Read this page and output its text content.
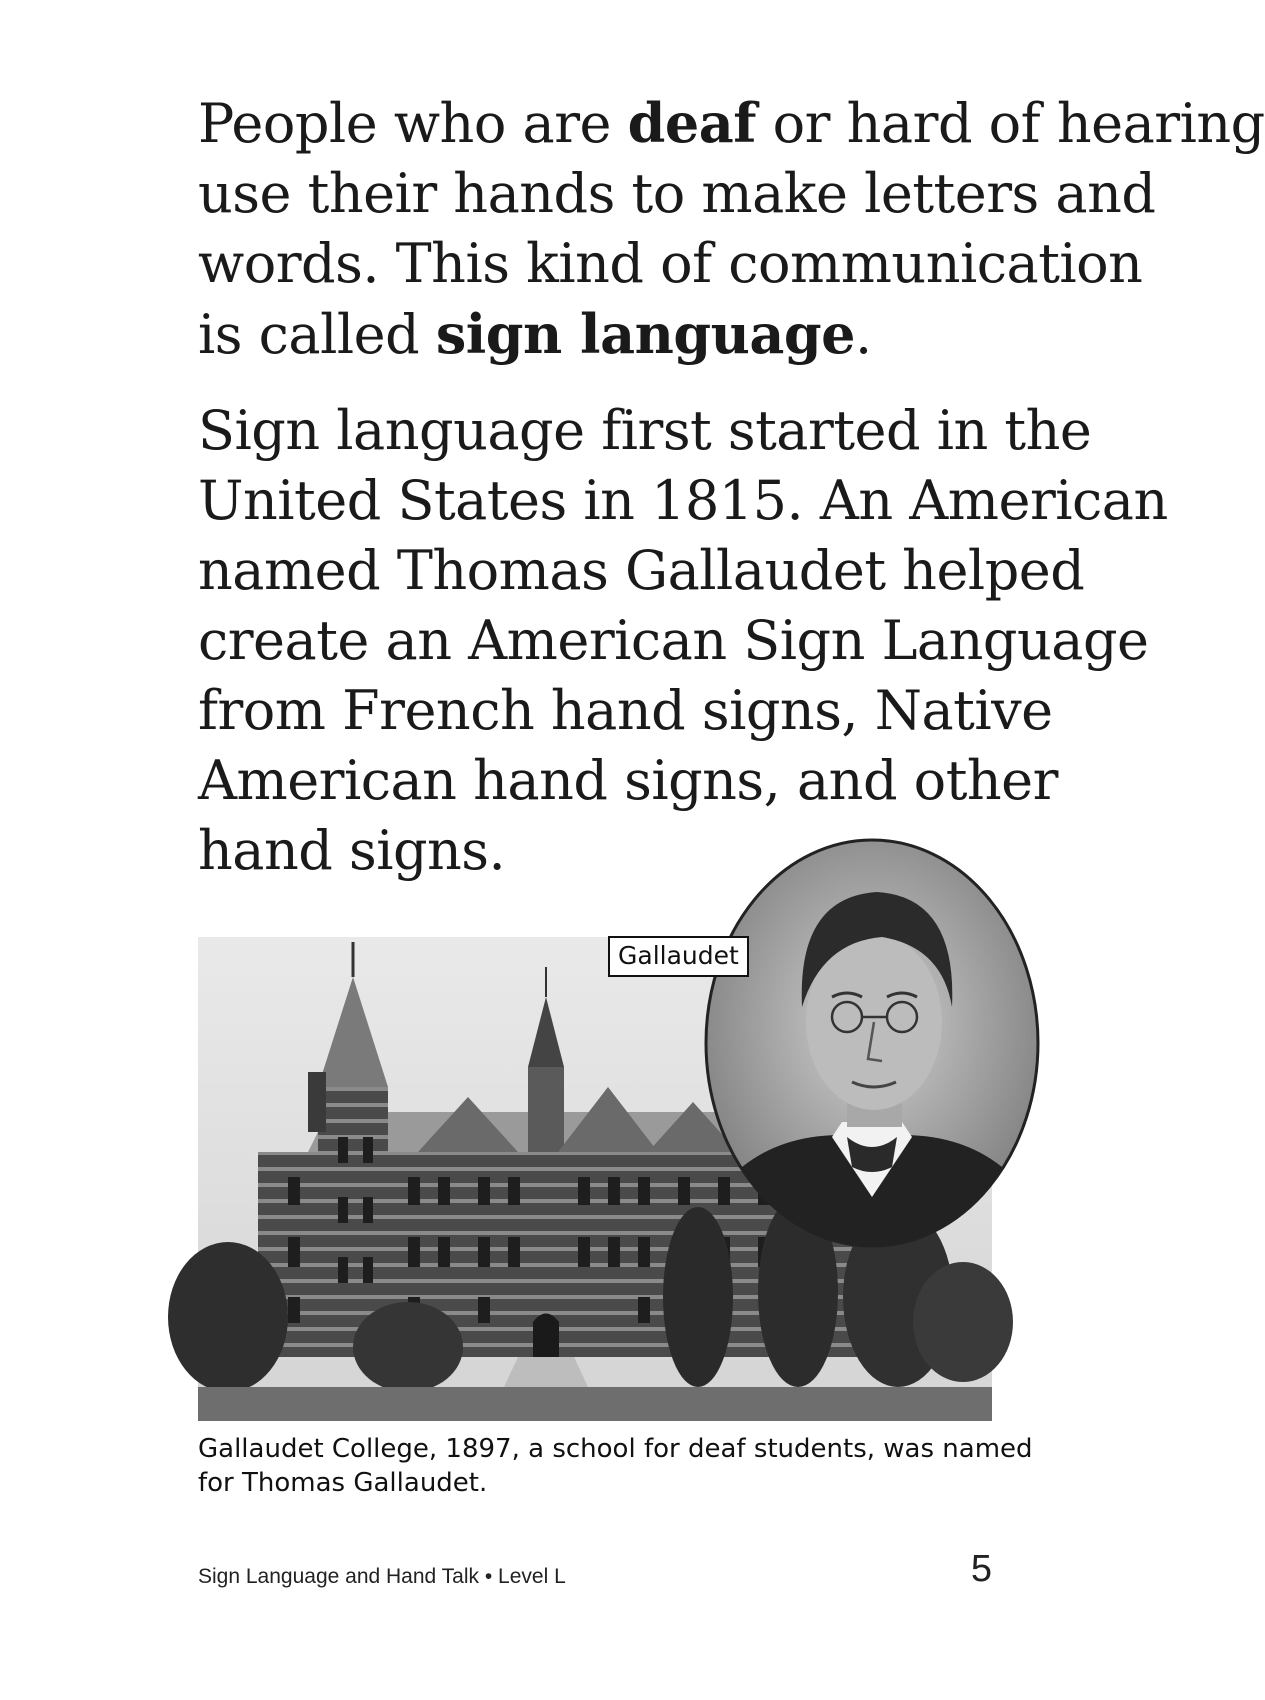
People who are deaf or hard of hearing
use their hands to make letters and
words. This kind of communication
is called sign language.
Sign language first started in the
United States in 1815. An American
named Thomas Gallaudet helped
create an American Sign Language
from French hand signs, Native
American hand signs, and other
hand signs.
Gallaudet
Gallaudet College, 1897, a school for deaf students, was named
for Thomas Gallaudet.
Sign Language and Hand Talk • Level L	5
